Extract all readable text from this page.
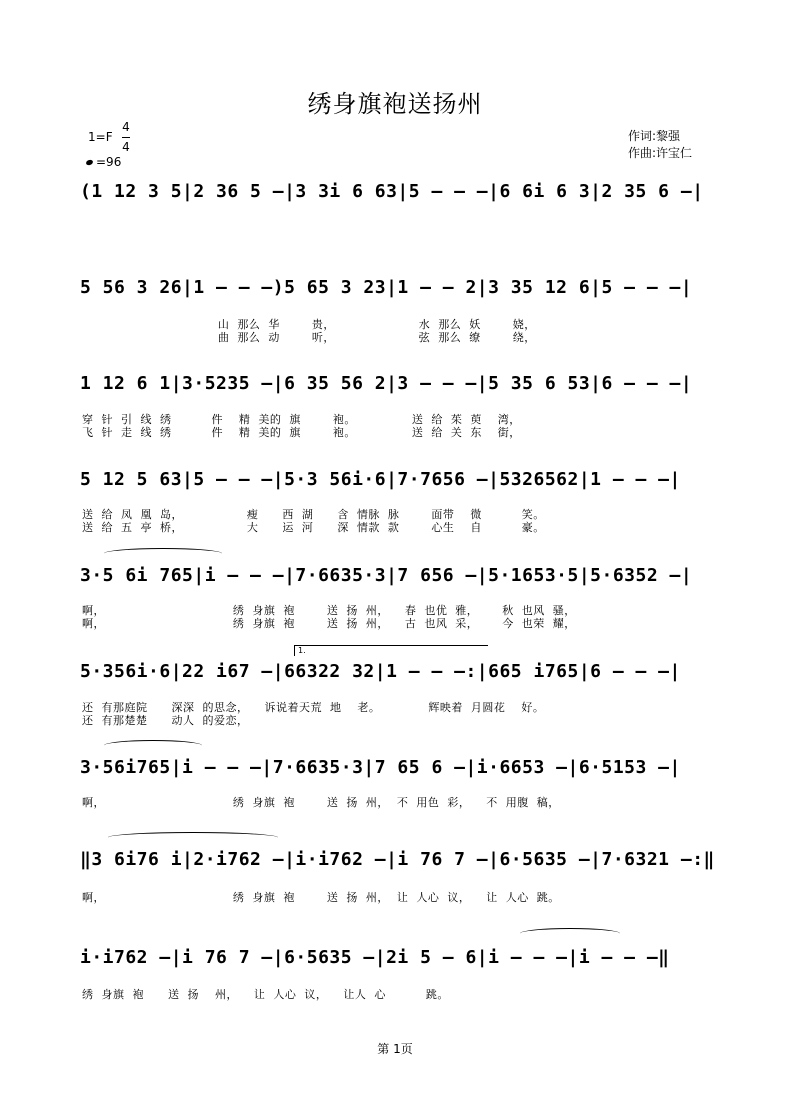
绣身旗袍送扬州
1=F
4
4
=96
作词:黎强
作曲:许宝仁
(1 12 3 5|2 36 5 –|3 3i 6 63|5 – – –|6 6i 6 3|2 35 6 –|
5 56 3 26|1 – – –)5 65 3 23|1 – – 2|3 35 12 6|5 – – –|
山  那么  华        贵，                     水  那么  妖        娆，
曲  那么  动        听，                     弦  那么  缭        绕，
1 12 6 1|3·5235 –|6 35 56 2|3 – – –|5 35 6 53|6 – – –|
穿  针  引  线  绣          件    精  美的  旗        袍。              送  给  茱  萸    湾，
飞  针  走  线  绣          件    精  美的  旗        袍。              送  给  关  东    街，
5 12 5 63|5 – – –|5·3 56i·6|7·7656 –|5326562|1 – – –|
送  给  凤  凰  岛，                瘦      西  湖      含  情脉  脉        面带    微          笑。
送  给  五  亭  桥，                大      运  河      深  情款  款        心生    自          豪。
3·5 6i 765|i – – –|7·6635·3|7 656 –|5·1653·5|5·6352 –|
啊，                                绣  身旗  袍        送  扬  州，    春  也优  雅，      秋  也风  骚，
啊，                                绣  身旗  袍        送  扬  州，    古  也风  采，      今  也荣  耀，
1.
5·356i·6|22 i67 –|66322 32|1 – – –:|665 i765|6 – – –|
还  有那庭院      深深  的思念，    诉说着天荒  地    老。            辉映着  月圆花    好。
还  有那楚楚      动人  的爱恋，
3·56i765|i – – –|7·6635·3|7 65 6 –|i·6653 –|6·5153 –|
啊，                                绣  身旗  袍        送  扬  州，  不  用色  彩，    不  用腹  稿，
‖3 6i76 i|2·i762 –|i·i762 –|i 76 7 –|6·5635 –|7·6321 –:‖
啊，                                绣  身旗  袍        送  扬  州，  让  人心  议，    让  人心  跳。
i·i762 –|i 76 7 –|6·5635 –|2i 5 – 6|i – – –|i – – –‖
绣  身旗  袍      送  扬    州，    让  人心  议，    让人  心          跳。
第 1页
